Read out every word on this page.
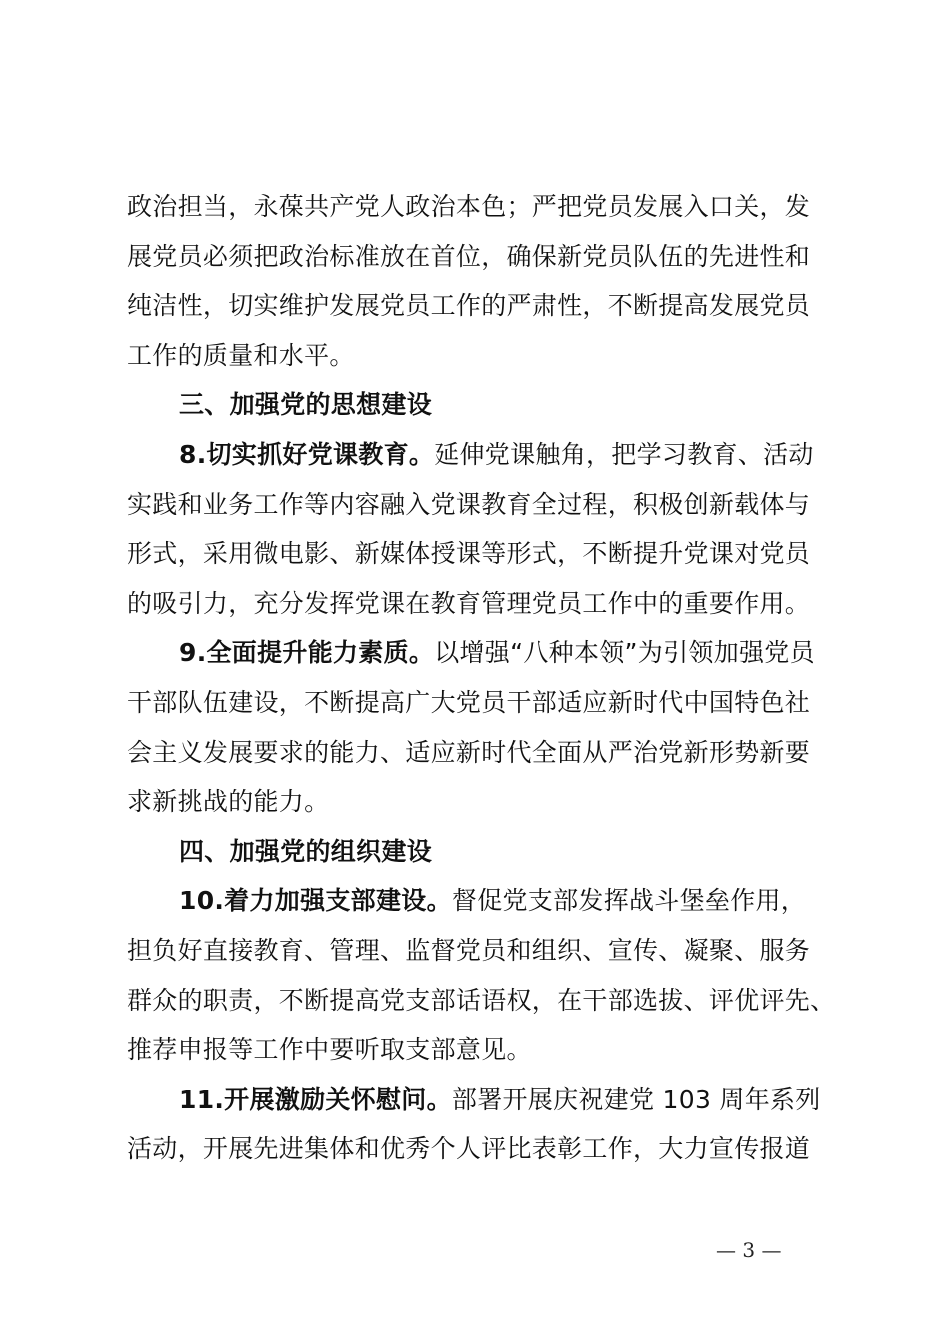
政治担当，永葆共产党人政治本色；严把党员发展入口关，发
展党员必须把政治标准放在首位，确保新党员队伍的先进性和
纯洁性，切实维护发展党员工作的严肃性，不断提高发展党员
工作的质量和水平。
三、加强党的思想建设
8.切实抓好党课教育。延伸党课触角，把学习教育、活动
实践和业务工作等内容融入党课教育全过程，积极创新载体与
形式，采用微电影、新媒体授课等形式，不断提升党课对党员
的吸引力，充分发挥党课在教育管理党员工作中的重要作用。
9.全面提升能力素质。以增强“八种本领”为引领加强党员
干部队伍建设，不断提高广大党员干部适应新时代中国特色社
会主义发展要求的能力、适应新时代全面从严治党新形势新要
求新挑战的能力。
四、加强党的组织建设
10.着力加强支部建设。督促党支部发挥战斗堡垒作用，
担负好直接教育、管理、监督党员和组织、宣传、凝聚、服务
群众的职责，不断提高党支部话语权，在干部选拔、评优评先、
推荐申报等工作中要听取支部意见。
11.开展激励关怀慰问。部署开展庆祝建党 103 周年系列
活动，开展先进集体和优秀个人评比表彰工作，大力宣传报道
— 3 —
